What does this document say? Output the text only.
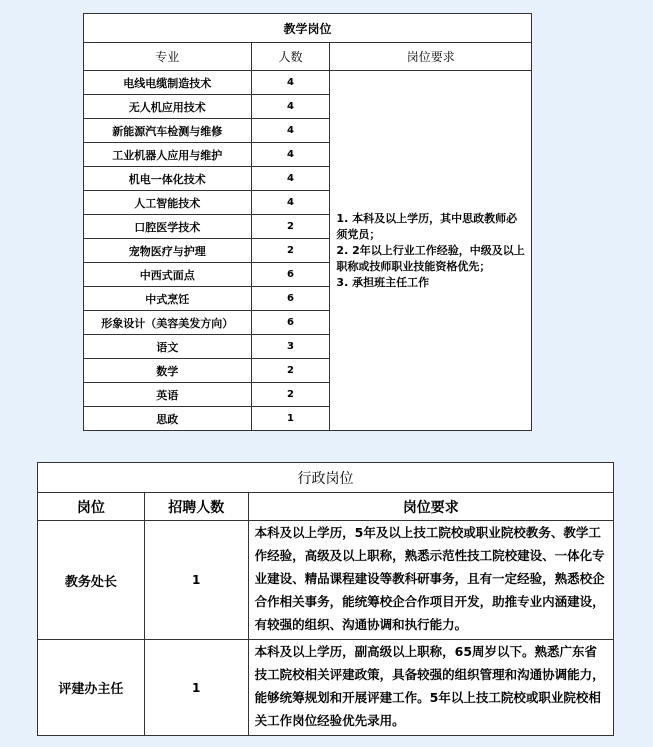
教学岗位		
专业	人数	岗位要求
电线电缆制造技术	4	1. 本科及以上学历，其中思政教师必须党员；
2. 2年以上行业工作经验，中级及以上职称或技师职业技能资格优先；
3. 承担班主任工作

无人机应用技术	4	
新能源汽车检测与维修	4	
工业机器人应用与维护	4	
机电一体化技术	4	
人工智能技术	4	
口腔医学技术	2	
宠物医疗与护理	2	
中西式面点	6	
中式烹饪	6	
形象设计（美容美发方向）	6	
语文	3	
数学	2	
英语	2	
思政	1	
行政岗位		
岗位	招聘人数	岗位要求
教务处长	1	本科及以上学历，5年及以上技工院校或职业院校教务、教学工作经验，高级及以上职称，熟悉示范性技工院校建设、一体化专业建设、精品课程建设等教科研事务，且有一定经验，熟悉校企合作相关事务，能统筹校企合作项目开发，助推专业内涵建设，有较强的组织、沟通协调和执行能力。
评建办主任	1	本科及以上学历，副高级以上职称，65周岁以下。熟悉广东省技工院校相关评建政策，具备较强的组织管理和沟通协调能力，能够统筹规划和开展评建工作。5年以上技工院校或职业院校相关工作岗位经验优先录用。
